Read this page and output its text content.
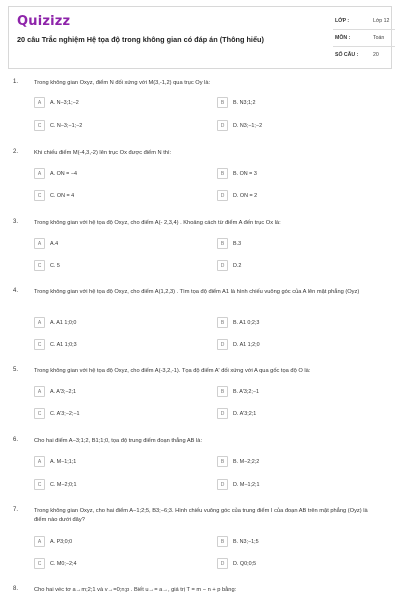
Quizizz
20 câu Trắc nghiệm Hệ tọa độ trong không gian có đáp án (Thông hiểu)
LỚP :	Lớp 12
MÔN :	Toán
SỐ CÂU :	20
1.	Trong không gian Oxyz, điểm N đối xứng với M(3,-1,2) qua trục Oy là:
A	A. N−3;1;−2	B	B. N3;1;2
C	C. N−3;−1;−2	D	D. N3;−1;−2
2.	Khi chiếu điểm M(-4,3,-2) lên trục Ox được điểm N thì:
A	A. ON = −4	B	B. ON = 3
C	C. ON = 4	D	D. ON = 2
3.	Trong không gian với hệ tọa độ Oxyz, cho điểm A(- 2,3,4) . Khoảng cách từ điểm A đến trục Ox là:
A	A.4	B	B.3
C	C. 5	D	D.2
4.	Trong không gian với hệ tọa độ Oxyz, cho điểm A(1,2,3) . Tìm tọa độ điểm A1 là hình chiếu vuông góc của A lên mặt phẳng (Oyz)
A	A. A1 1;0;0	B	B. A1 0;2;3
C	C. A1 1;0;3	D	D. A1 1;2;0
5.	Trong không gian với hệ tọa độ Oxyz, cho điểm A(-3,2,-1). Tọa độ điểm A' đối xứng với A qua gốc tọa độ O là:
A	A. A'3;−2;1	B	B. A'3;2;−1
C	C. A'3;−2;−1	D	D. A'3;2;1
6.	Cho hai điểm A−3;1;2, B1;1;0, tọa độ trung điểm đoạn thẳng AB là:
A	A. M−1;1;1	B	B. M−2;2;2
C	C. M−2;0;1	D	D. M−1;2;1
7.	Trong không gian Oxyz, cho hai điểm A−1;2;5, B3;−6;3. Hình chiếu vuông góc của trung điểm I của đoạn AB trên mặt phẳng (Oyz) là điểm nào dưới đây?
A	A. P3;0;0	B	B. N3;−1;5
C	C. M0;−2;4	D	D. Q0;0;5
8.	Cho hai véc tơ a→m;2;1 và v→=0;n;p . Biết u→= a→, giá trị T = m − n + p bằng:
